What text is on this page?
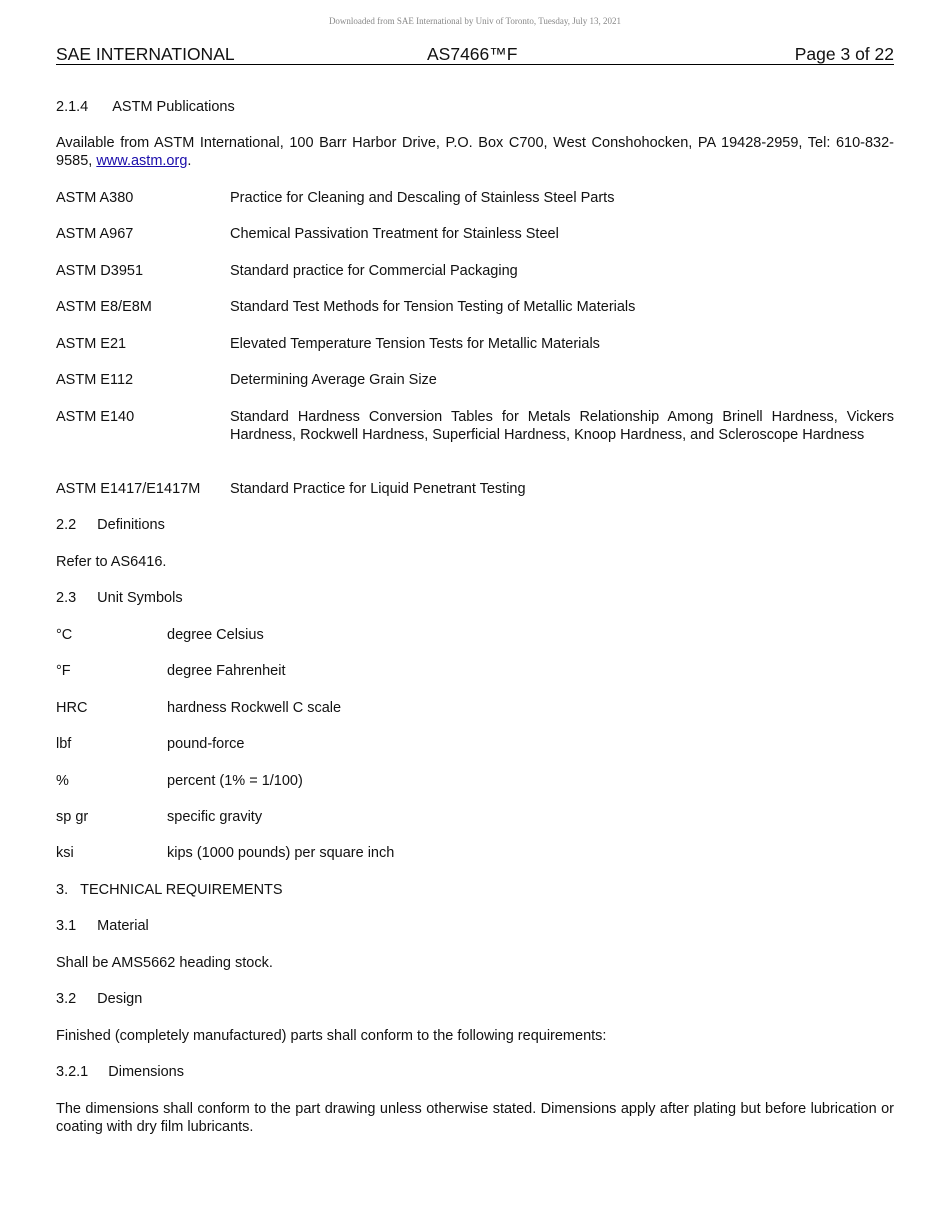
Downloaded from SAE International by Univ of Toronto, Tuesday, July 13, 2021
SAE INTERNATIONAL	AS7466™F	Page 3 of 22
2.1.4 ASTM Publications
Available from ASTM International, 100 Barr Harbor Drive, P.O. Box C700, West Conshohocken, PA 19428-2959, Tel: 610-832-9585, www.astm.org.
ASTM A380	Practice for Cleaning and Descaling of Stainless Steel Parts
ASTM A967	Chemical Passivation Treatment for Stainless Steel
ASTM D3951	Standard practice for Commercial Packaging
ASTM E8/E8M	Standard Test Methods for Tension Testing of Metallic Materials
ASTM E21	Elevated Temperature Tension Tests for Metallic Materials
ASTM E112	Determining Average Grain Size
ASTM E140	Standard Hardness Conversion Tables for Metals Relationship Among Brinell Hardness, Vickers Hardness, Rockwell Hardness, Superficial Hardness, Knoop Hardness, and Scleroscope Hardness
ASTM E1417/E1417M Standard Practice for Liquid Penetrant Testing
2.2 Definitions
Refer to AS6416.
2.3 Unit Symbols
°C	degree Celsius
°F	degree Fahrenheit
HRC	hardness Rockwell C scale
lbf	pound-force
%	percent (1% = 1/100)
sp gr	specific gravity
ksi	kips (1000 pounds) per square inch
3. TECHNICAL REQUIREMENTS
3.1 Material
Shall be AMS5662 heading stock.
3.2 Design
Finished (completely manufactured) parts shall conform to the following requirements:
3.2.1 Dimensions
The dimensions shall conform to the part drawing unless otherwise stated. Dimensions apply after plating but before lubrication or coating with dry film lubricants.
